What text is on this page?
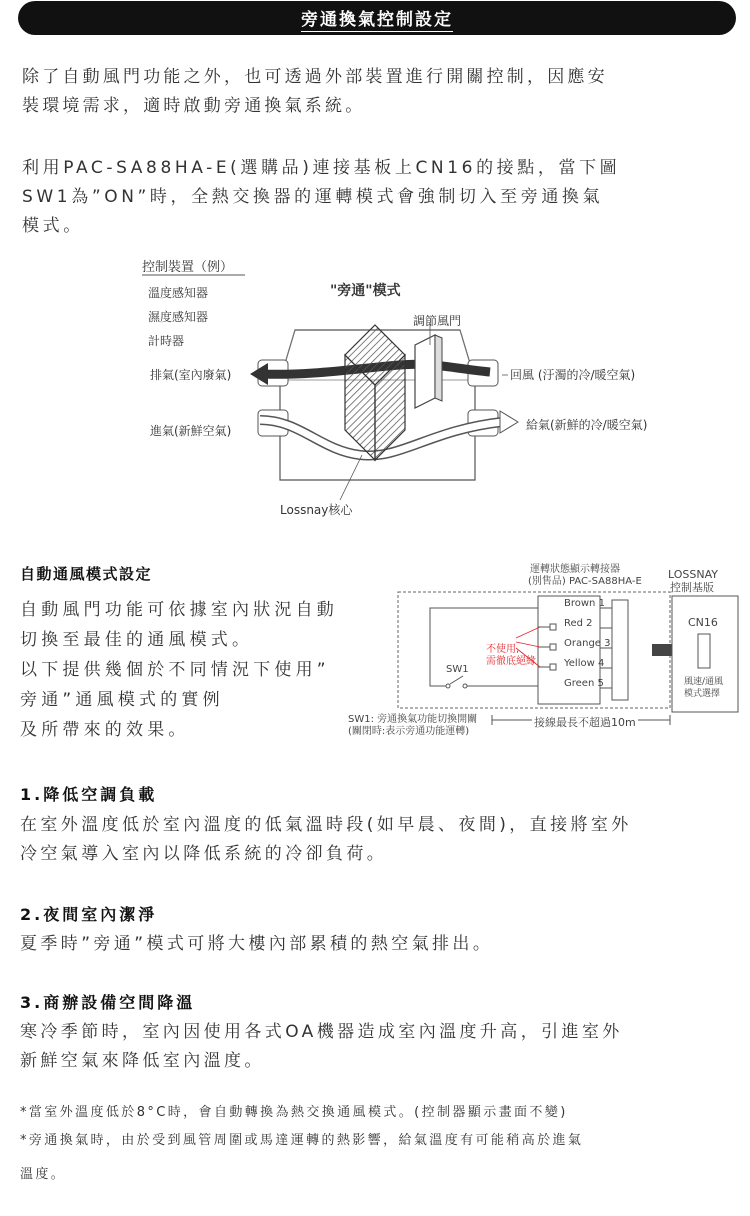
旁通換氣控制設定
除了自動風門功能之外，也可透過外部裝置進行開關控制，因應安
裝環境需求，適時啟動旁通換氣系統。
利用PAC-SA88HA-E(選購品)連接基板上CN16的接點，當下圖
SW1為”ON”時，全熱交換器的運轉模式會強制切入至旁通換氣
模式。
控制裝置（例）
溫度感知器
濕度感知器
計時器
"旁通"模式
調節風門
排氣(室內廢氣)
進氣(新鮮空氣)
回風 (汙濁的冷/暖空氣)
給氣(新鮮的冷/暖空氣)
Lossnay核心
自動通風模式設定
自動風門功能可依據室內狀況自動
切換至最佳的通風模式。
以下提供幾個於不同情況下使用”
旁通”通風模式的實例
及所帶來的效果。
運轉狀態顯示轉接器
(別售品) PAC-SA88HA-E
LOSSNAY
控制基版
Brown 1
Red 2
Orange 3
Yellow 4
Green 5
不使用,
需徹底絕緣
SW1
CN16
風速/通風
模式選擇
SW1: 旁通換氣功能切換開關
(關閉時:表示旁通功能運轉)
接線最長不超過10m
1.降低空調負載
在室外溫度低於室內溫度的低氣溫時段(如早晨、夜間)，直接將室外
冷空氣導入室內以降低系統的冷卻負荷。
2.夜間室內潔淨
夏季時”旁通”模式可將大樓內部累積的熱空氣排出。
3.商辦設備空間降溫
寒冷季節時，室內因使用各式OA機器造成室內溫度升高，引進室外
新鮮空氣來降低室內溫度。
*當室外溫度低於8°C時，會自動轉換為熱交換通風模式。(控制器顯示畫面不變)
*旁通換氣時，由於受到風管周圍或馬達運轉的熱影響，給氣溫度有可能稍高於進氣
溫度。
